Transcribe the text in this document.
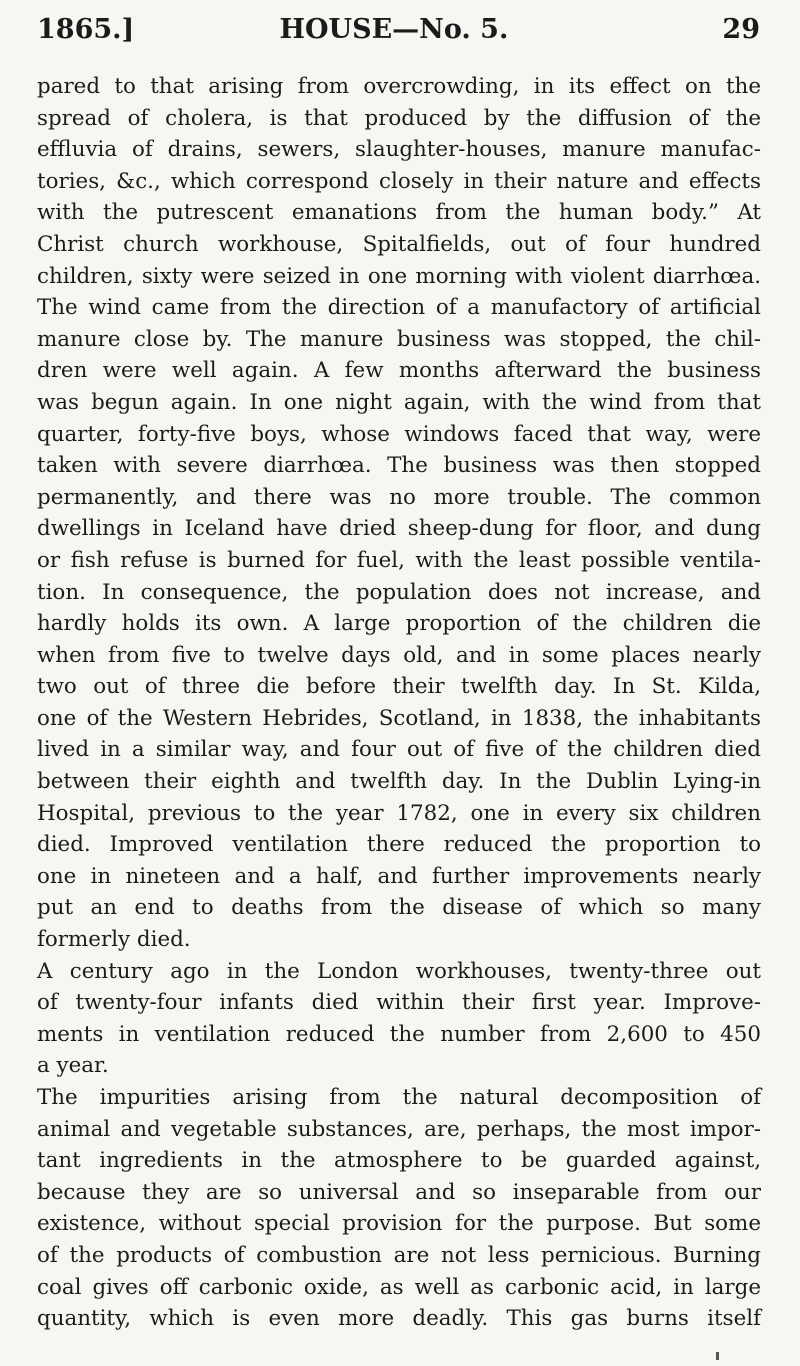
1865.]	HOUSE—No. 5.	29
pared to that arising from overcrowding, in its effect on the
spread of cholera, is that produced by the diffusion of the
effluvia of drains, sewers, slaughter-houses, manure manufac-
tories, &c., which correspond closely in their nature and effects
with the putrescent emanations from the human body.” At
Christ church workhouse, Spitalfields, out of four hundred
children, sixty were seized in one morning with violent diarrhœa.
The wind came from the direction of a manufactory of artificial
manure close by. The manure business was stopped, the chil-
dren were well again. A few months afterward the business
was begun again. In one night again, with the wind from that
quarter, forty-five boys, whose windows faced that way, were
taken with severe diarrhœa. The business was then stopped
permanently, and there was no more trouble. The common
dwellings in Iceland have dried sheep-dung for floor, and dung
or fish refuse is burned for fuel, with the least possible ventila-
tion. In consequence, the population does not increase, and
hardly holds its own. A large proportion of the children die
when from five to twelve days old, and in some places nearly
two out of three die before their twelfth day. In St. Kilda,
one of the Western Hebrides, Scotland, in 1838, the inhabitants
lived in a similar way, and four out of five of the children died
between their eighth and twelfth day. In the Dublin Lying-in
Hospital, previous to the year 1782, one in every six children
died. Improved ventilation there reduced the proportion to
one in nineteen and a half, and further improvements nearly
put an end to deaths from the disease of which so many
formerly died.
A century ago in the London workhouses, twenty-three out
of twenty-four infants died within their first year. Improve-
ments in ventilation reduced the number from 2,600 to 450
a year.
The impurities arising from the natural decomposition of
animal and vegetable substances, are, perhaps, the most impor-
tant ingredients in the atmosphere to be guarded against,
because they are so universal and so inseparable from our
existence, without special provision for the purpose. But some
of the products of combustion are not less pernicious. Burning
coal gives off carbonic oxide, as well as carbonic acid, in large
quantity, which is even more deadly. This gas burns itself
